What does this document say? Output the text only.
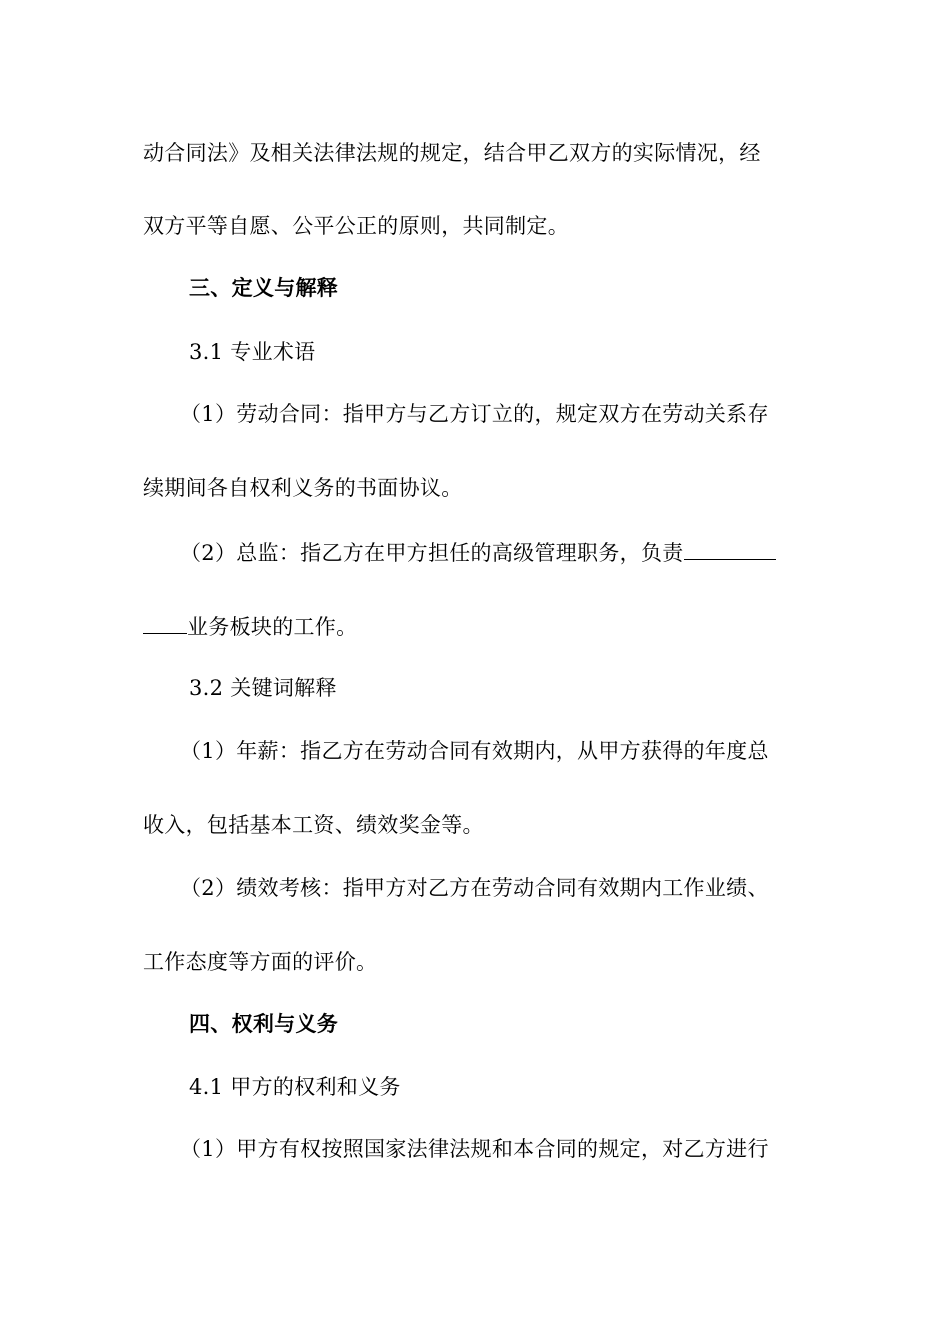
动合同法》及相关法律法规的规定，结合甲乙双方的实际情况，经
双方平等自愿、公平公正的原则，共同制定。
三、定义与解释
3.1 专业术语
（1）劳动合同：指甲方与乙方订立的，规定双方在劳动关系存
续期间各自权利义务的书面协议。
（2）总监：指乙方在甲方担任的高级管理职务，负责
业务板块的工作。
3.2 关键词解释
（1）年薪：指乙方在劳动合同有效期内，从甲方获得的年度总
收入，包括基本工资、绩效奖金等。
（2）绩效考核：指甲方对乙方在劳动合同有效期内工作业绩、
工作态度等方面的评价。
四、权利与义务
4.1 甲方的权利和义务
（1）甲方有权按照国家法律法规和本合同的规定，对乙方进行
